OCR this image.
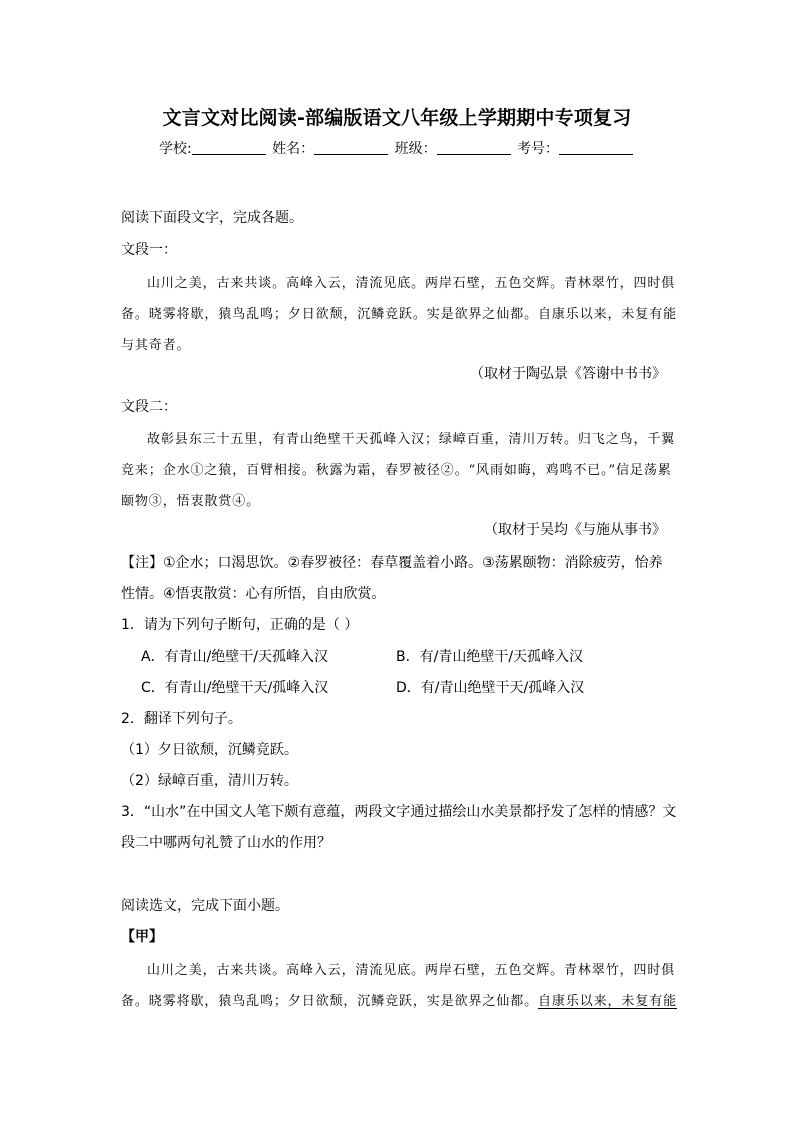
文言文对比阅读-部编版语文八年级上学期期中专项复习
学校:	姓名：	班级：	考号：
阅读下面段文字，完成各题。
文段一：
山川之美，古来共谈。高峰入云，清流见底。两岸石壁，五色交辉。青林翠竹，四时俱
备。晓雾将歇，猿鸟乱鸣；夕日欲颓，沉鳞竞跃。实是欲界之仙都。自康乐以来，未复有能
与其奇者。
（取材于陶弘景《答谢中书书》
文段二：
故彰县东三十五里，有青山绝壁干天孤峰入汉；绿嶂百重，清川万转。归飞之鸟，千翼
竞来；企水①之猿，百臂相接。秋露为霜，春罗被径②。“风雨如晦，鸡鸣不已。”信足荡累
颐物③，悟衷散赏④。
（取材于吴均《与施从事书》
【注】①企水；口渴思饮。②春罗被径：春草覆盖着小路。③荡累颐物：消除疲劳，怡养
性情。④悟衷散赏：心有所悟，自由欣赏。
1．请为下列句子断句，正确的是（ ）
A．有青山/绝壁干/天孤峰入汉	B．有/青山绝壁干/天孤峰入汉
C．有青山/绝壁干天/孤峰入汉	D．有/青山绝壁干天/孤峰入汉
2．翻译下列句子。
（1）夕日欲颓，沉鳞竞跃。
（2）绿嶂百重，清川万转。
3．“山水”在中国文人笔下颇有意蕴，两段文字通过描绘山水美景都抒发了怎样的情感？文
段二中哪两句礼赞了山水的作用？
阅读选文，完成下面小题。
【甲】
山川之美，古来共谈。高峰入云，清流见底。两岸石壁，五色交辉。青林翠竹，四时俱
备。晓雾将歇，猿鸟乱鸣；夕日欲颓，沉鳞竞跃，实是欲界之仙都。自康乐以来，未复有能
